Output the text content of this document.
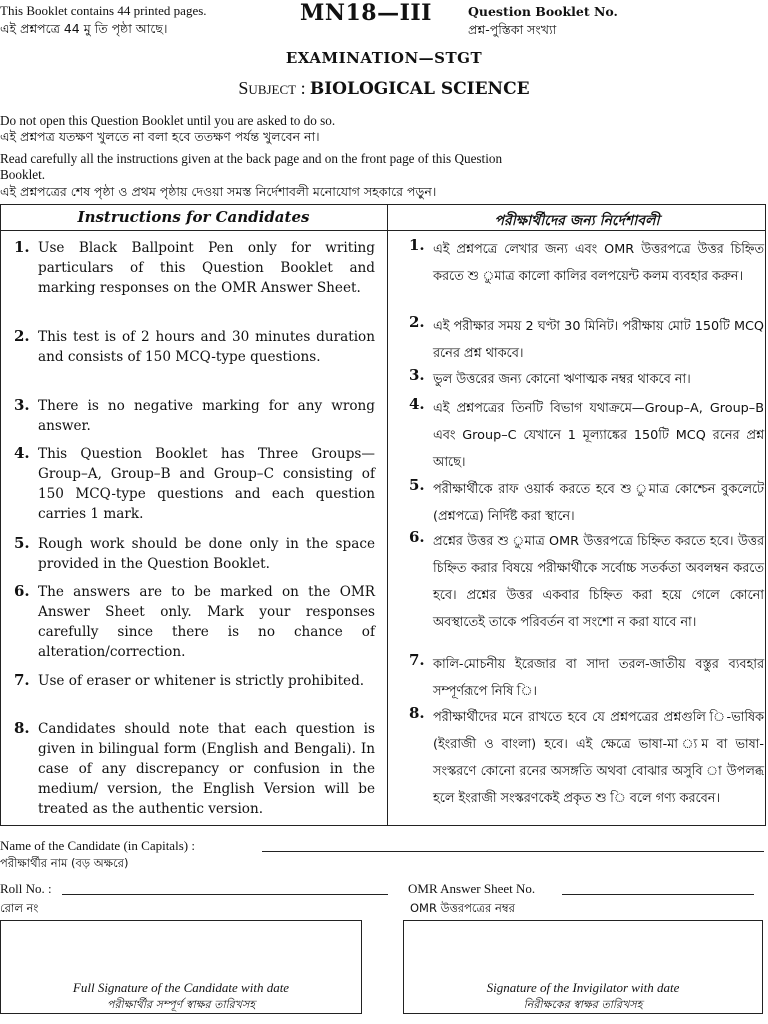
This Booklet contains 44 printed pages.
এই প্রশ্নপত্রে 44 মু তি পৃষ্ঠা আছে।
MN18—III	Question Booklet No.
প্রশ্ন-পুস্তিকা সংখ্যা
EXAMINATION—STGT
Subject : BIOLOGICAL SCIENCE
Do not open this Question Booklet until you are asked to do so.
এই প্রশ্নপত্র যতক্ষণ খুলতে না বলা হবে ততক্ষণ পর্যন্ত খুলবেন না।
Read carefully all the instructions given at the back page and on the front page of this Question
Booklet.
এই প্রশ্নপত্রের শেষ পৃষ্ঠা ও প্রথম পৃষ্ঠায় দেওয়া সমস্ত নির্দেশাবলী মনোযোগ সহকারে পড়ুন।
Instructions for Candidates	পরীক্ষার্থীদের জন্য নির্দেশাবলী
1. Use Black Ballpoint Pen only for writing particulars of this Question Booklet and marking responses on the OMR Answer Sheet.
2. This test is of 2 hours and 30 minutes duration and consists of 150 MCQ-type questions.
3. There is no negative marking for any wrong answer.
4. This Question Booklet has Three Groups—Group–A, Group–B and Group–C consisting of 150 MCQ-type questions and each question carries 1 mark.
5. Rough work should be done only in the space provided in the Question Booklet.
6. The answers are to be marked on the OMR Answer Sheet only. Mark your responses carefully since there is no chance of alteration/correction.
7. Use of eraser or whitener is strictly prohibited.
8. Candidates should note that each question is given in bilingual form (English and Bengali). In case of any discrepancy or confusion in the medium/ version, the English Version will be treated as the authentic version.
1. এই প্রশ্নপত্রে লেখার জন্য এবং OMR উত্তরপত্রে উত্তর চিহ্নিত করতে শু ুমাত্র কালো কালির বলপয়েন্ট কলম ব্যবহার করুন।
2. এই পরীক্ষার সময় 2 ঘণ্টা 30 মিনিট। পরীক্ষায় মোট 150টি MCQ রনের প্রশ্ন থাকবে।
3. ভুল উত্তরের জন্য কোনো ঋণাত্মক নম্বর থাকবে না।
4. এই প্রশ্নপত্রের তিনটি বিভাগ যথাক্রমে—Group–A, Group–B এবং Group–C যেখানে 1 মূল্যাঙ্কের 150টি MCQ রনের প্রশ্ন আছে।
5. পরীক্ষার্থীকে রাফ ওয়ার্ক করতে হবে শু ুমাত্র কোশ্চেন বুকলেটে (প্রশ্নপত্রে) নির্দিষ্ট করা স্থানে।
6. প্রশ্নের উত্তর শু ুমাত্র OMR উত্তরপত্রে চিহ্নিত করতে হবে। উত্তর চিহ্নিত করার বিষয়ে পরীক্ষার্থীকে সর্বোচ্চ সতর্কতা অবলম্বন করতে হবে। প্রশ্নের উত্তর একবার চিহ্নিত করা হয়ে গেলে কোনো অবস্থাতেই তাকে পরিবর্তন বা সংশো ন করা যাবে না।
7. কালি-মোচনীয় ইরেজার বা সাদা তরল-জাতীয় বস্তুর ব্যবহার সম্পূর্ণরূপে নিষি ি।
8. পরীক্ষার্থীদের মনে রাখতে হবে যে প্রশ্নপত্রের প্রশ্নগুলি ি-ভাষিক (ইংরাজী ও বাংলা) হবে। এই ক্ষেত্রে ভাষা-মা ্যম বা ভাষা-সংস্করণে কোনো রনের অসঙ্গতি অথবা বোঝার অসুবি া উপলব্ধ হলে ইংরাজী সংস্করণকেই প্রকৃত শু ি বলে গণ্য করবেন।
Name of the Candidate (in Capitals) :
পরীক্ষার্থীর নাম (বড় অক্ষরে)
Roll No. :
রোল নং
OMR Answer Sheet No.
OMR উত্তরপত্রের নম্বর
Full Signature of the Candidate with date
পরীক্ষার্থীর সম্পূর্ণ স্বাক্ষর তারিখসহ
Signature of the Invigilator with date
নিরীক্ষকের স্বাক্ষর তারিখসহ
